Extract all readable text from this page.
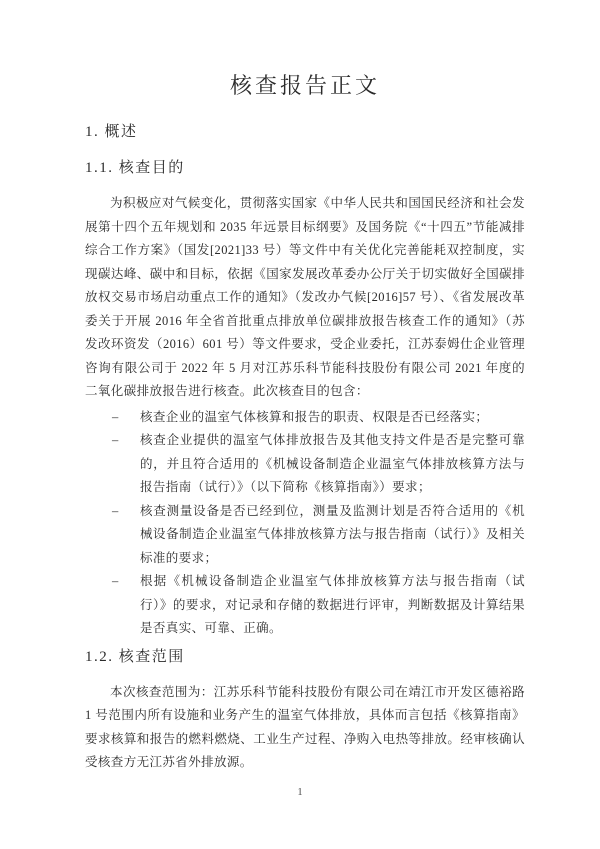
核查报告正文
1. 概述
1.1. 核查目的

为积极应对气候变化，贯彻落实国家《中华人民共和国国民经济和社会发展第十四个五年规划和 2035 年远景目标纲要》及国务院《“十四五”节能减排综合工作方案》（国发[2021]33 号）等文件中有关优化完善能耗双控制度，实现碳达峰、碳中和目标，依据《国家发展改革委办公厅关于切实做好全国碳排放权交易市场启动重点工作的通知》（发改办气候[2016]57 号）、《省发展改革委关于开展 2016 年全省首批重点排放单位碳排放报告核查工作的通知》（苏发改环资发（2016）601 号）等文件要求，受企业委托，江苏泰姆仕企业管理咨询有限公司于 2022 年 5 月对江苏乐科节能科技股份有限公司 2021 年度的二氧化碳排放报告进行核查。此次核查目的包含：

– 核查企业的温室气体核算和报告的职责、权限是否已经落实；
– 核查企业提供的温室气体排放报告及其他支持文件是否是完整可靠的，并且符合适用的《机械设备制造企业温室气体排放核算方法与报告指南（试行）》（以下简称《核算指南》）要求；
– 核查测量设备是否已经到位，测量及监测计划是否符合适用的《机械设备制造企业温室气体排放核算方法与报告指南（试行）》及相关标准的要求；
– 根据《机械设备制造企业温室气体排放核算方法与报告指南（试行）》的要求，对记录和存储的数据进行评审，判断数据及计算结果是否真实、可靠、正确。
1.2. 核查范围

本次核查范围为：江苏乐科节能科技股份有限公司在靖江市开发区德裕路 1 号范围内所有设施和业务产生的温室气体排放，具体而言包括《核算指南》要求核算和报告的燃料燃烧、工业生产过程、净购入电热等排放。经审核确认受核查方无江苏省外排放源。

1
